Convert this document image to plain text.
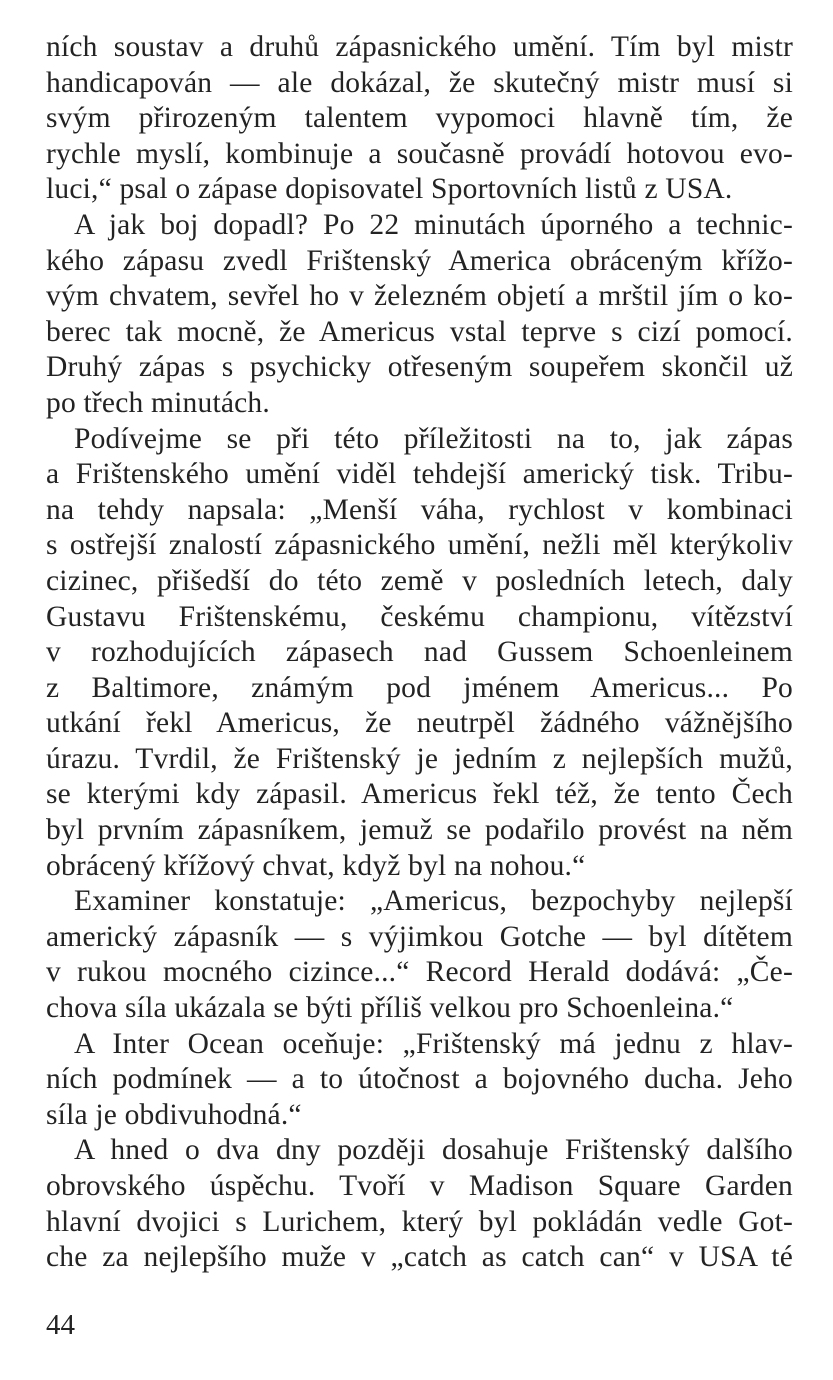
ních soustav a druhů zápasnického umění. Tím byl mistr
handicapován — ale dokázal, že skutečný mistr musí si
svým přirozeným talentem vypomoci hlavně tím, že
rychle myslí, kombinuje a současně provádí hotovou evo-
luci,“ psal o zápase dopisovatel Sportovních listů z USA.
A jak boj dopadl? Po 22 minutách úporného a technic-
kého zápasu zvedl Frištenský America obráceným křížo-
vým chvatem, sevřel ho v železném objetí a mrštil jím o ko-
berec tak mocně, že Americus vstal teprve s cizí pomocí.
Druhý zápas s psychicky otřeseným soupeřem skončil už
po třech minutách.
Podívejme se při této příležitosti na to, jak zápas
a Frištenského umění viděl tehdejší americký tisk. Tribu-
na tehdy napsala: „Menší váha, rychlost v kombinaci
s ostřejší znalostí zápasnického umění, nežli měl kterýkoliv
cizinec, přišedší do této země v posledních letech, daly
Gustavu Frištenskému, českému championu, vítězství
v rozhodujících zápasech nad Gussem Schoenleinem
z Baltimore, známým pod jménem Americus... Po
utkání řekl Americus, že neutrpěl žádného vážnějšího
úrazu. Tvrdil, že Frištenský je jedním z nejlepších mužů,
se kterými kdy zápasil. Americus řekl též, že tento Čech
byl prvním zápasníkem, jemuž se podařilo provést na něm
obrácený křížový chvat, když byl na nohou.“
Examiner konstatuje: „Americus, bezpochyby nejlepší
americký zápasník — s výjimkou Gotche — byl dítětem
v rukou mocného cizince...“ Record Herald dodává: „Če-
chova síla ukázala se býti příliš velkou pro Schoenleina.“
A Inter Ocean oceňuje: „Frištenský má jednu z hlav-
ních podmínek — a to útočnost a bojovného ducha. Jeho
síla je obdivuhodná.“
A hned o dva dny později dosahuje Frištenský dalšího
obrovského úspěchu. Tvoří v Madison Square Garden
hlavní dvojici s Lurichem, který byl pokládán vedle Got-
che za nejlepšího muže v „catch as catch can“ v USA té
44
